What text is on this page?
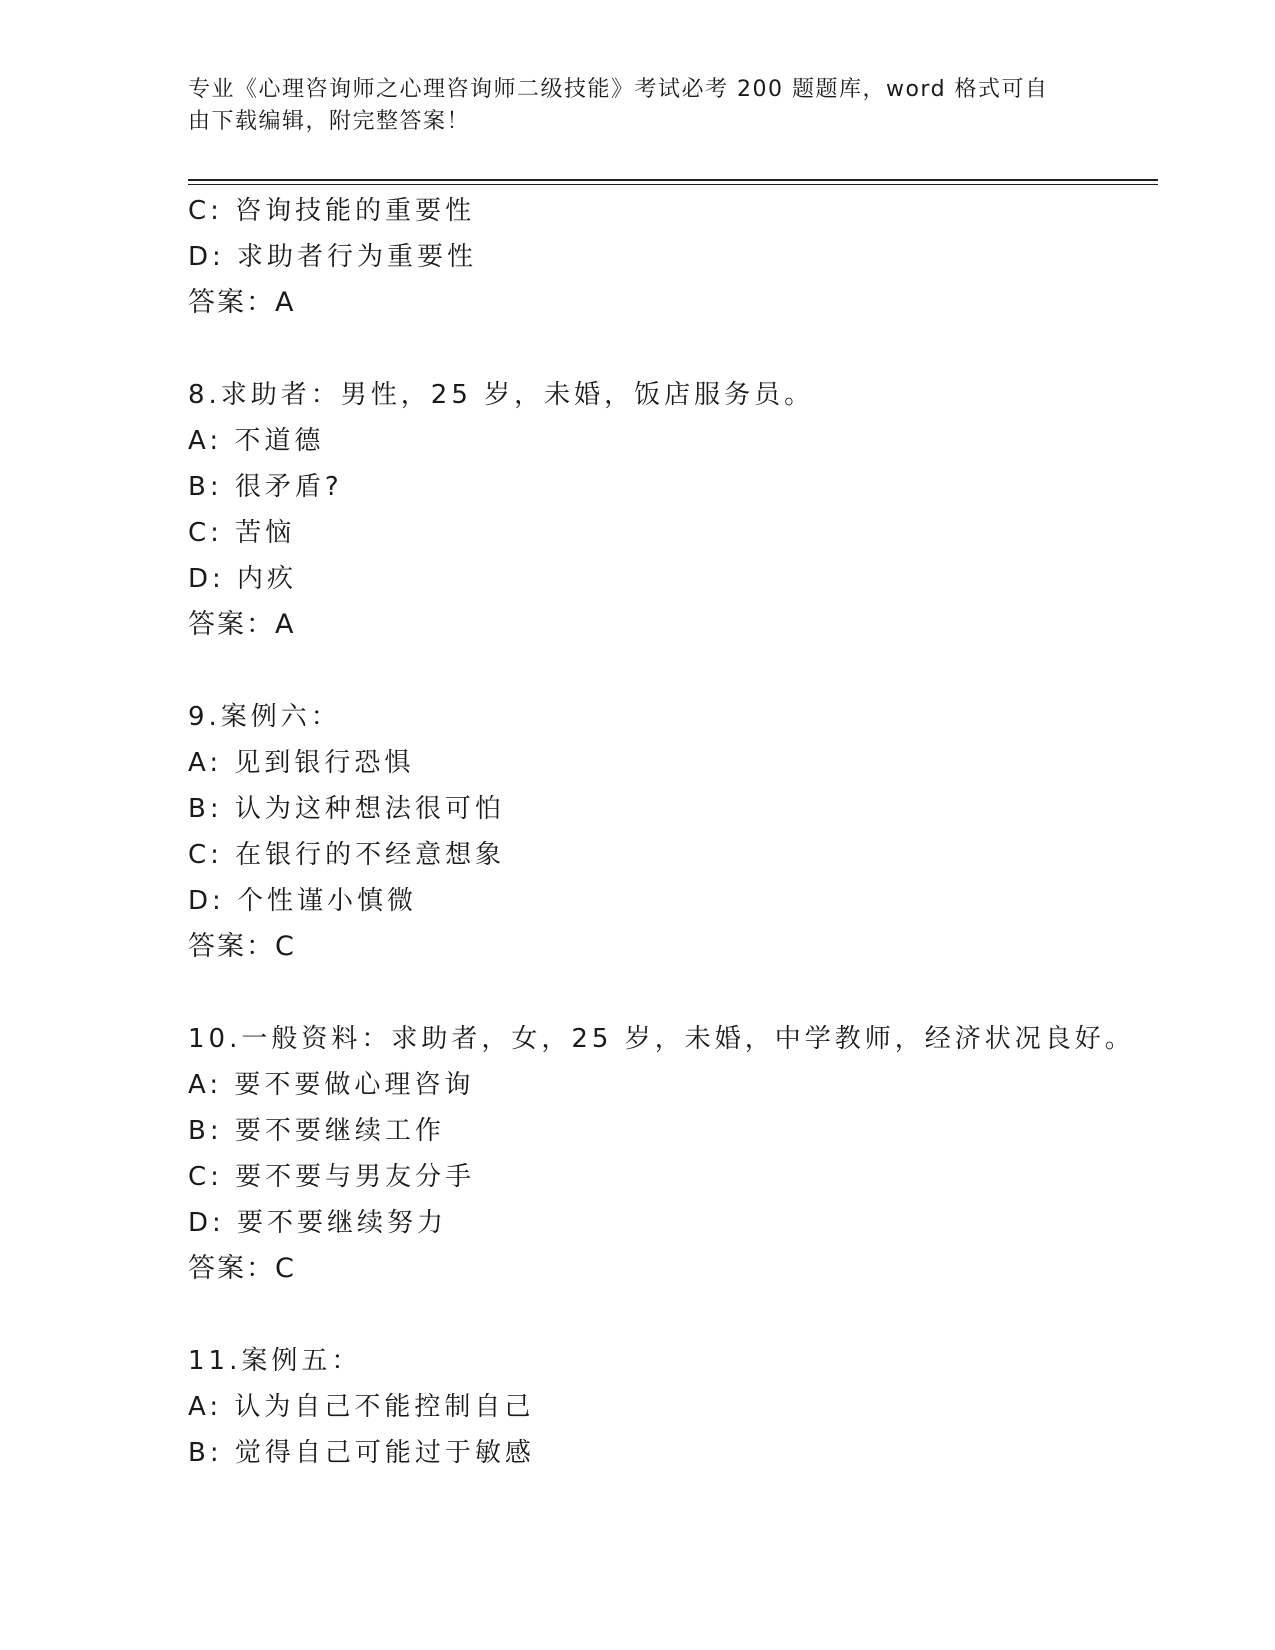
专业《心理咨询师之心理咨询师二级技能》考试必考 200 题题库，word 格式可自
由下载编辑，附完整答案！
C: 咨询技能的重要性
D: 求助者行为重要性
答案：A
8.求助者：男性，25 岁，未婚，饭店服务员。
A: 不道德
B: 很矛盾?
C: 苦恼
D: 内疚
答案：A
9.案例六：
A: 见到银行恐惧
B: 认为这种想法很可怕
C: 在银行的不经意想象
D: 个性谨小慎微
答案：C
10.一般资料：求助者，女，25 岁，未婚，中学教师，经济状况良好。
A: 要不要做心理咨询
B: 要不要继续工作
C: 要不要与男友分手
D: 要不要继续努力
答案：C
11.案例五：
A: 认为自己不能控制自己
B: 觉得自己可能过于敏感
